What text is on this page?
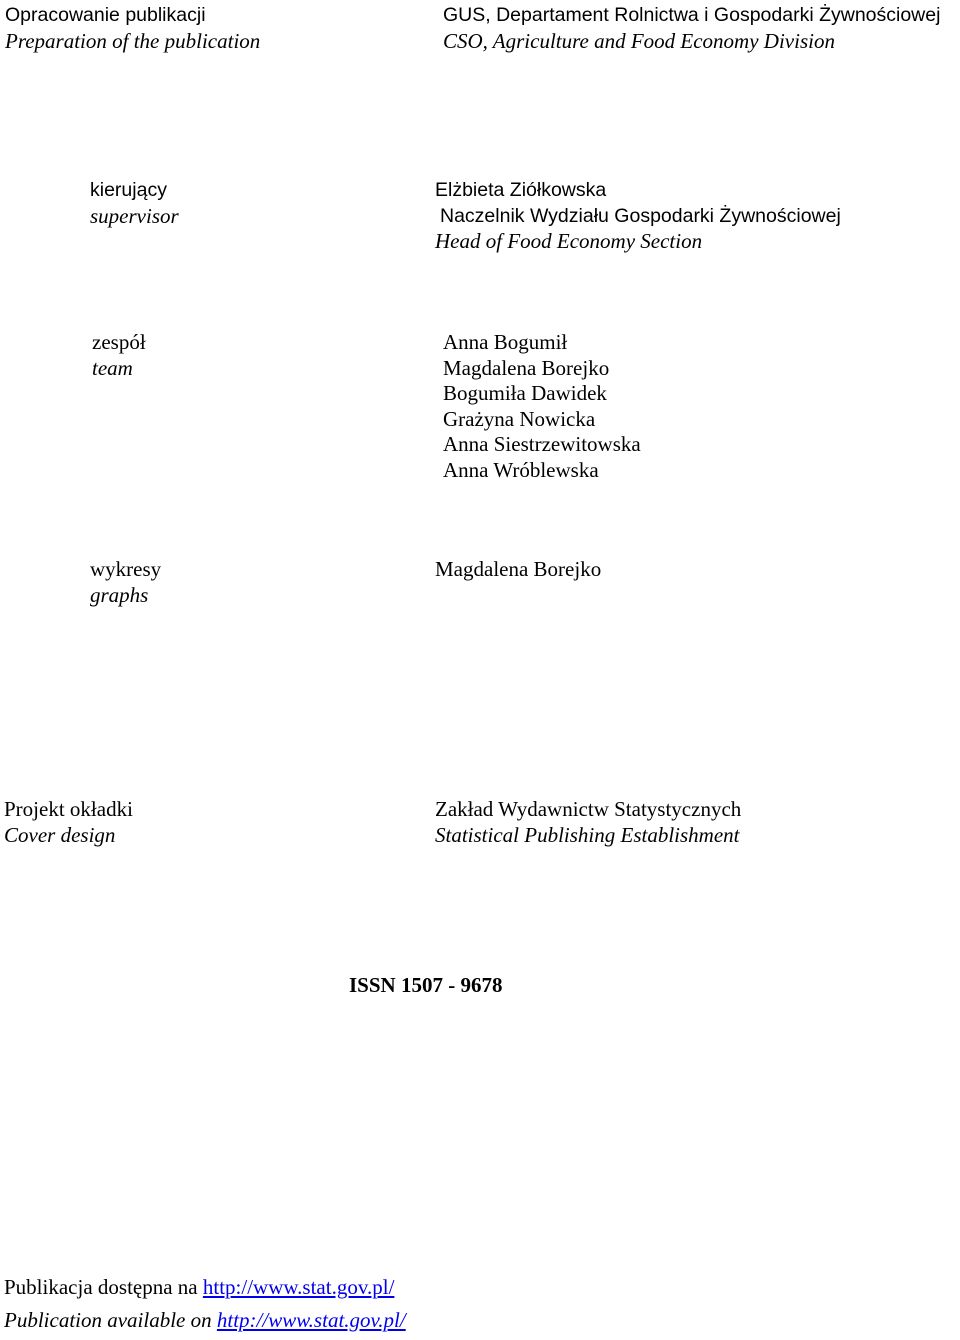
Opracowanie publikacji
Preparation of the publication
GUS, Departament Rolnictwa i Gospodarki Żywnościowej
CSO, Agriculture and Food Economy Division
kierujący
supervisor
Elżbieta Ziółkowska
Naczelnik Wydziału Gospodarki Żywnościowej
Head of Food Economy Section
zespół
team
Anna Bogumił
Magdalena Borejko
Bogumiła Dawidek
Grażyna Nowicka
Anna Siestrzewitowska
Anna Wróblewska
wykresy
graphs
Magdalena Borejko
Projekt okładki
Cover design
Zakład Wydawnictw Statystycznych
Statistical Publishing Establishment
ISSN 1507 - 9678
Publikacja dostępna na http://www.stat.gov.pl/
Publication available on http://www.stat.gov.pl/
